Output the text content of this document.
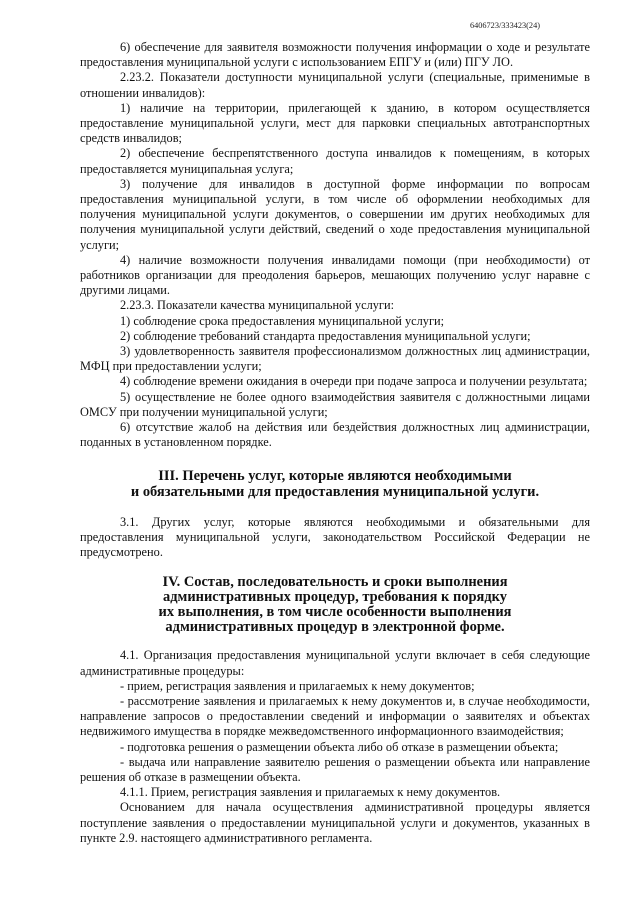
6406723/333423(24)

6) обеспечение для заявителя возможности получения информации о ходе и результате предоставления муниципальной услуги с использованием ЕПГУ и (или) ПГУ ЛО.

2.23.2. Показатели доступности муниципальной услуги (специальные, применимые в отношении инвалидов):

1) наличие на территории, прилегающей к зданию, в котором осуществляется предоставление муниципальной услуги, мест для парковки специальных автотранспортных средств инвалидов;

2) обеспечение беспрепятственного доступа инвалидов к помещениям, в которых предоставляется муниципальная услуга;

3) получение для инвалидов в доступной форме информации по вопросам предоставления муниципальной услуги, в том числе об оформлении необходимых для получения муниципальной услуги документов, о совершении им других необходимых для получения муниципальной услуги действий, сведений о ходе предоставления муниципальной услуги;

4) наличие возможности получения инвалидами помощи (при необходимости) от работников организации для преодоления барьеров, мешающих получению услуг наравне с другими лицами.

2.23.3. Показатели качества муниципальной услуги:

1) соблюдение срока предоставления муниципальной услуги;

2) соблюдение требований стандарта предоставления муниципальной услуги;

3) удовлетворенность заявителя профессионализмом должностных лиц администрации, МФЦ при предоставлении услуги;

4) соблюдение времени ожидания в очереди при подаче запроса и получении результата;

5) осуществление не более одного взаимодействия заявителя с должностными лицами ОМСУ при получении муниципальной услуги;

6) отсутствие жалоб на действия или бездействия должностных лиц администрации, поданных в установленном порядке.

III. Перечень услуг, которые являются необходимыми
и обязательными для предоставления муниципальной услуги.

3.1. Других услуг, которые являются необходимыми и обязательными для предоставления муниципальной услуги, законодательством Российской Федерации не предусмотрено.

IV. Состав, последовательность и сроки выполнения
административных процедур, требования к порядку
их выполнения, в том числе особенности выполнения
административных процедур в электронной форме.

4.1. Организация предоставления муниципальной услуги включает в себя следующие административные процедуры:

- прием, регистрация заявления и прилагаемых к нему документов;

- рассмотрение заявления и прилагаемых к нему документов и, в случае необходимости, направление запросов о предоставлении сведений и информации о заявителях и объектах недвижимого имущества в порядке межведомственного информационного взаимодействия;

- подготовка решения о размещении объекта либо об отказе в размещении объекта;

- выдача или направление заявителю решения о размещении объекта или направление решения об отказе в размещении объекта.

4.1.1. Прием, регистрация заявления и прилагаемых к нему документов.

Основанием для начала осуществления административной процедуры является поступление заявления о предоставлении муниципальной услуги и документов, указанных в пункте 2.9. настоящего административного регламента.
